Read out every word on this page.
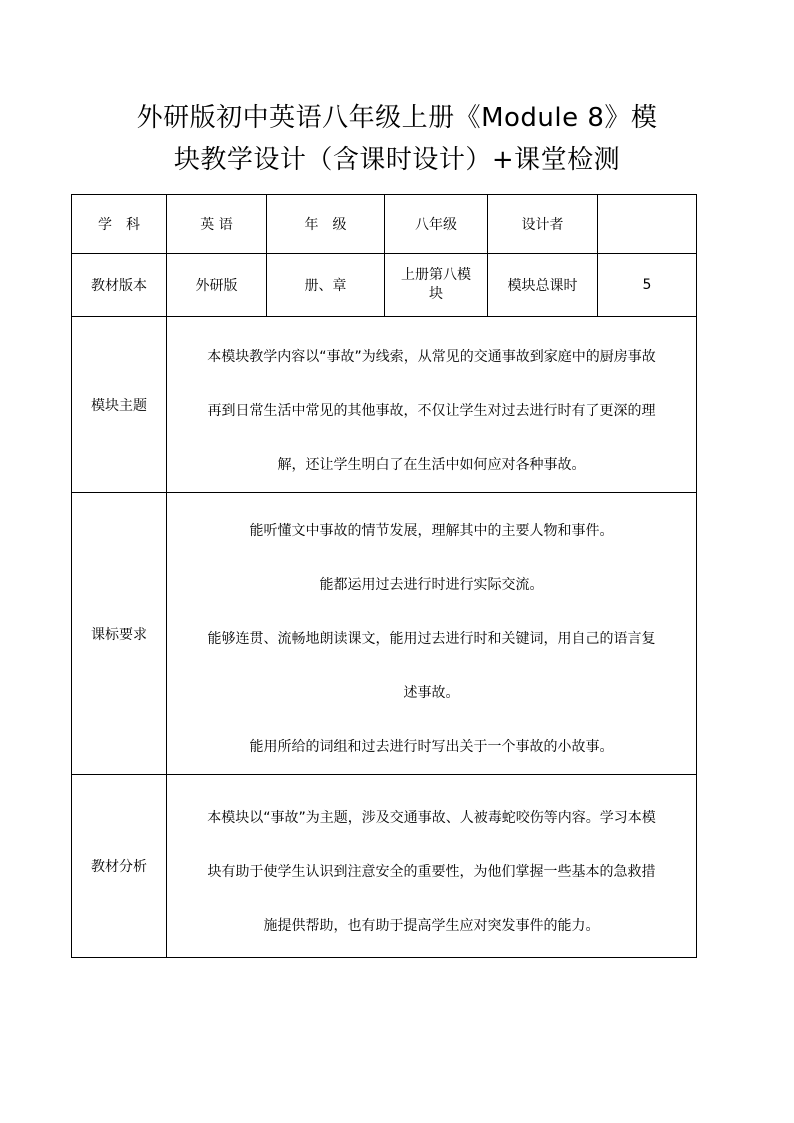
外研版初中英语八年级上册《Module 8》模
块教学设计（含课时设计）+课堂检测
学　科	英 语	年　级	八年级	设计者	
教材版本	外研版	册、章	上册第八模
块	模块总课时	5
模块主题	本模块教学内容以“事故”为线索，从常见的交通事故到家庭中的厨房事故
再到日常生活中常见的其他事故，不仅让学生对过去进行时有了更深的理
解，还让学生明白了在生活中如何应对各种事故。				

课标要求	能听懂文中事故的情节发展，理解其中的主要人物和事件。
能都运用过去进行时进行实际交流。
能够连贯、流畅地朗读课文，能用过去进行时和关键词，用自己的语言复
述事故。
能用所给的词组和过去进行时写出关于一个事故的小故事。				

教材分析	本模块以“事故”为主题，涉及交通事故、人被毒蛇咬伤等内容。学习本模
块有助于使学生认识到注意安全的重要性，为他们掌握一些基本的急救措
施提供帮助，也有助于提高学生应对突发事件的能力。				
